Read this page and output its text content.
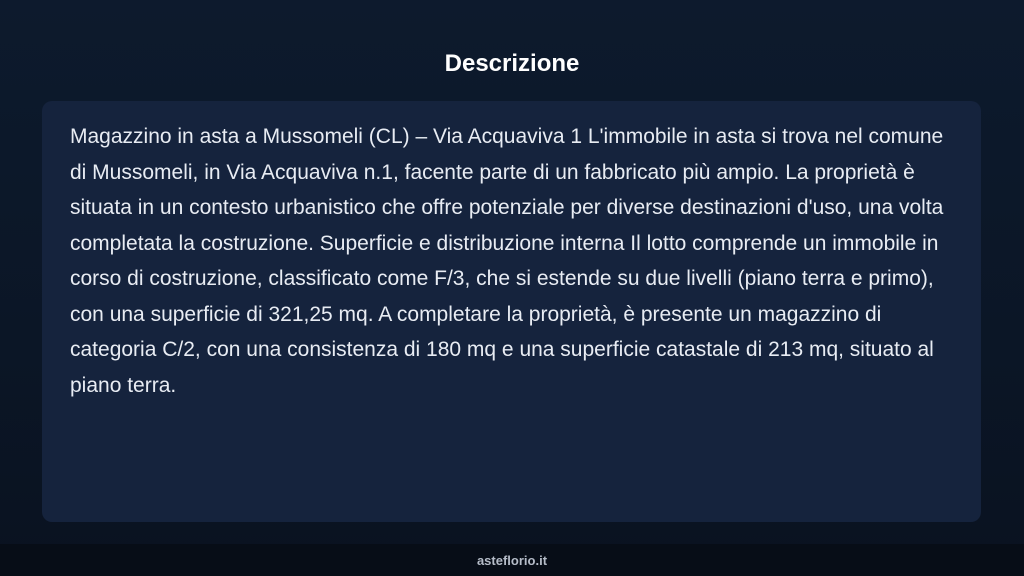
Descrizione

Magazzino in asta a Mussomeli (CL) – Via Acquaviva 1 L'immobile in asta si trova nel comune di Mussomeli, in Via Acquaviva n.1, facente parte di un fabbricato più ampio. La proprietà è situata in un contesto urbanistico che offre potenziale per diverse destinazioni d'uso, una volta completata la costruzione. Superficie e distribuzione interna Il lotto comprende un immobile in corso di costruzione, classificato come F/3, che si estende su due livelli (piano terra e primo), con una superficie di 321,25 mq. A completare la proprietà, è presente un magazzino di categoria C/2, con una consistenza di 180 mq e una superficie catastale di 213 mq, situato al piano terra.

asteflorio.it
